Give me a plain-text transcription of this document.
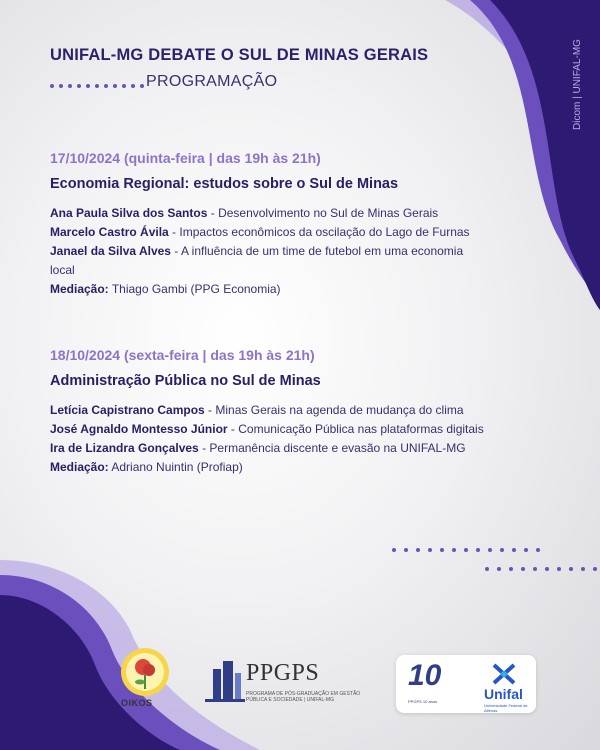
UNIFAL-MG DEBATE O SUL DE MINAS GERAIS
PROGRAMAÇÃO	Dicom | UNIFAL-MG
17/10/2024 (quinta-feira | das 19h às 21h)
Economia Regional: estudos sobre o Sul de Minas
Ana Paula Silva dos Santos - Desenvolvimento no Sul de Minas Gerais
Marcelo Castro Ávila - Impactos econômicos da oscilação do Lago de Furnas
Janael da Silva Alves - A influência de um time de futebol em uma economia local
Mediação: Thiago Gambi (PPG Economia)
18/10/2024 (sexta-feira | das 19h às 21h)
Administração Pública no Sul de Minas
Letícia Capistrano Campos - Minas Gerais na agenda de mudança do clima
José Agnaldo Montesso Júnior - Comunicação Pública nas plataformas digitais
Ira de Lizandra Gonçalves - Permanência discente e evasão na UNIFAL-MG
Mediação: Adriano Nuintin (Profiap)
OIKOS
PPGPS
PROGRAMA DE PÓS-GRADUAÇÃO EM GESTÃO PÚBLICA E SOCIEDADE | UNIFAL-MG
10
PPGPS 10 anos	Unifal
Universidade Federal de Alfenas
